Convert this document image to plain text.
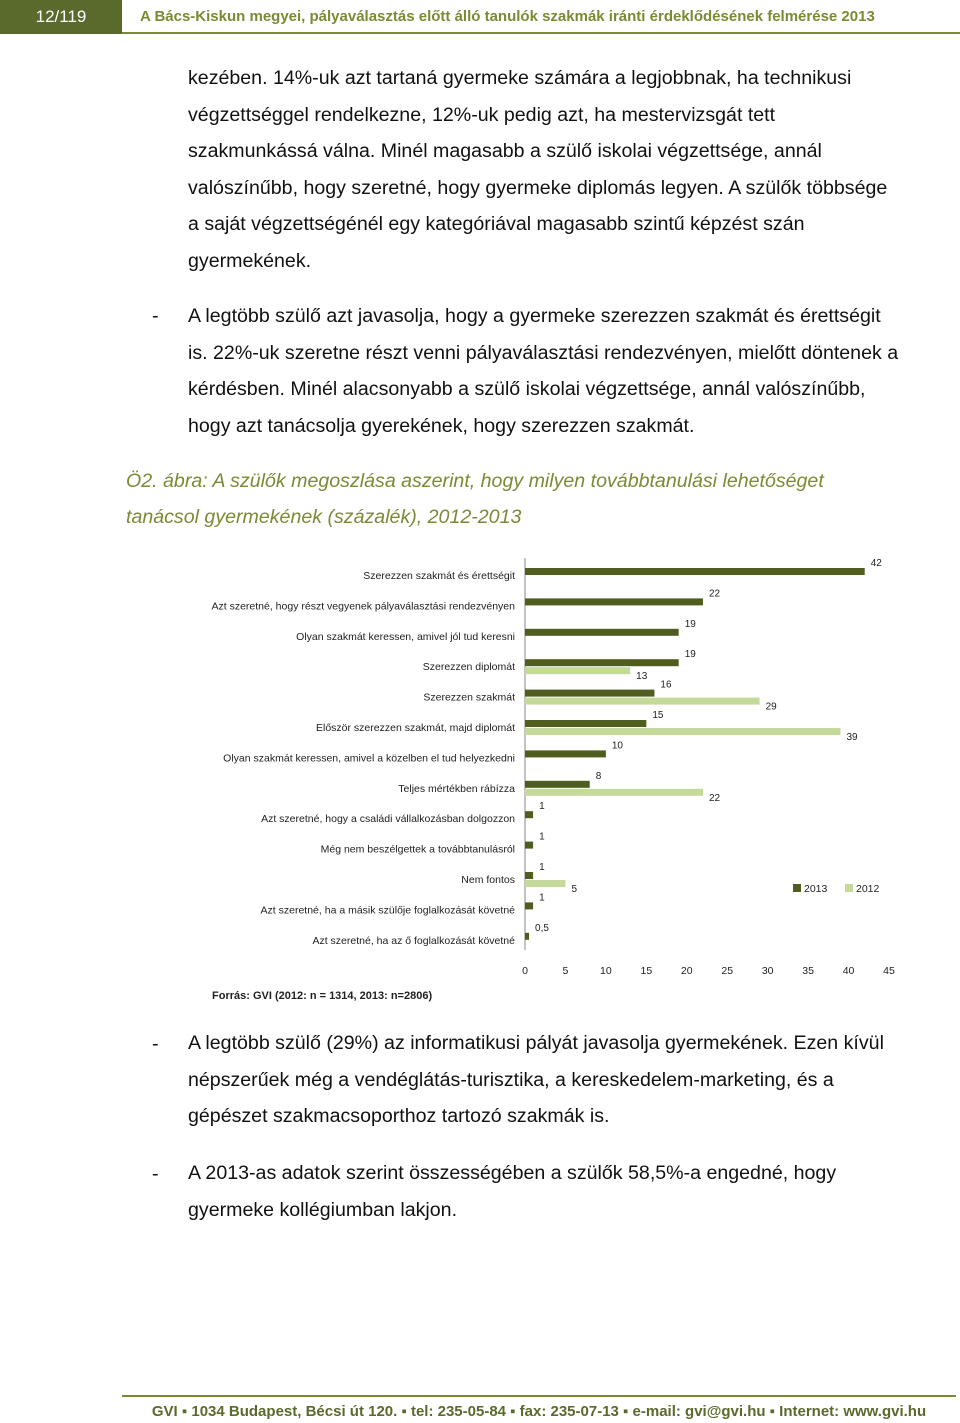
12/119	A Bács-Kiskun megyei, pályaválasztás előtt álló tanulók szakmák iránti érdeklődésének felmérése 2013

kezében. 14%-uk azt tartaná gyermeke számára a legjobbnak, ha technikusi

végzettséggel rendelkezne, 12%-uk pedig azt, ha mestervizsgát tett

szakmunkássá válna. Minél magasabb a szülő iskolai végzettsége, annál

valószínűbb, hogy szeretné, hogy gyermeke diplomás legyen. A szülők többsége

a saját végzettségénél egy kategóriával magasabb szintű képzést szán

gyermekének.

- A legtöbb szülő azt javasolja, hogy a gyermeke szerezzen szakmát és érettségit

is. 22%-uk szeretne részt venni pályaválasztási rendezvényen, mielőtt döntenek a

kérdésben. Minél alacsonyabb a szülő iskolai végzettsége, annál valószínűbb,

hogy azt tanácsolja gyerekének, hogy szerezzen szakmát.

Ö2. ábra: A szülők megoszlása aszerint, hogy milyen továbbtanulási lehetőséget
tanácsol gyermekének (százalék), 2012-2013
Szerezzen szakmát és érettségit
42
Azt szeretné, hogy részt vegyenek pályaválasztási rendezvényen
22
Olyan szakmát keressen, amivel jól tud keresni
19
Szerezzen diplomát
19
13
Szerezzen szakmát
16
29
Először szerezzen szakmát, majd diplomát
15
39
Olyan szakmát keressen, amivel a közelben el tud helyezkedni
10
Teljes mértékben rábízza
8
22
Azt szeretné, hogy a családi vállalkozásban dolgozzon
1
Még nem beszélgettek a továbbtanulásról
1
Nem fontos
1
5
Azt szeretné, ha a másik szülője foglalkozását követné
1
Azt szeretné, ha az ő foglalkozását követné
0,5
0	5	10	15	20	25	30	35	40	45
2013	2012
Forrás: GVI (2012: n = 1314, 2013: n=2806)
- A legtöbb szülő (29%) az informatikusi pályát javasolja gyermekének. Ezen kívül

népszerűek még a vendéglátás-turisztika, a kereskedelem-marketing, és a

gépészet szakmacsoporthoz tartozó szakmák is.

- A 2013-as adatok szerint összességében a szülők 58,5%-a engedné, hogy

gyermeke kollégiumban lakjon.

GVI ▪ 1034 Budapest, Bécsi út 120. ▪ tel: 235-05-84 ▪ fax: 235-07-13 ▪ e-mail: gvi@gvi.hu ▪ Internet: www.gvi.hu
